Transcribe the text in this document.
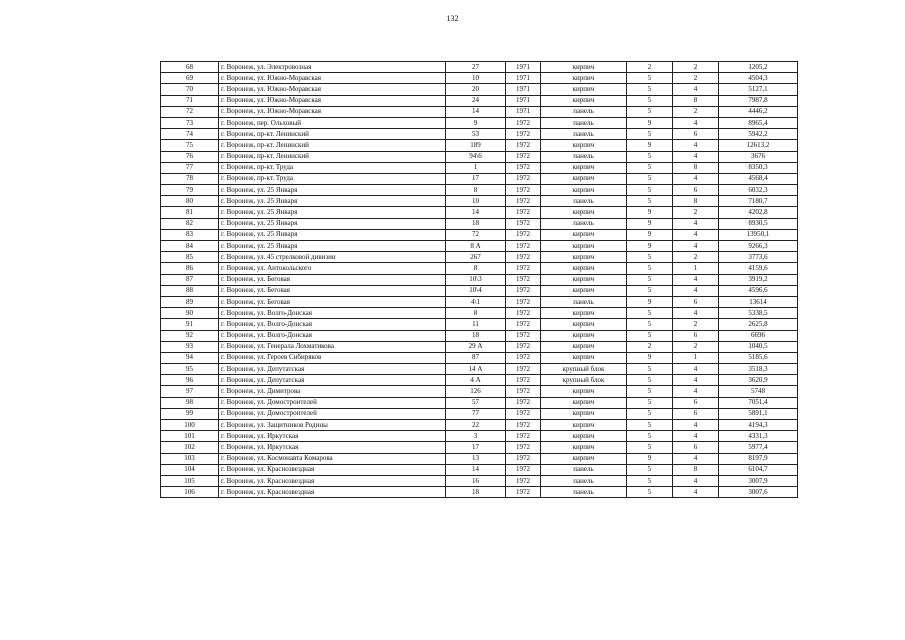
132
68	г. Воронеж, ул. Электровозная	27	1971	кирпич	2	2	1205,2
69	г. Воронеж, ул. Южно-Моравская	10	1971	кирпич	5	2	4504,3
70	г. Воронеж, ул. Южно-Моравская	20	1971	кирпич	5	4	5127,1
71	г. Воронеж, ул. Южно-Моравская	24	1971	кирпич	5	8	7987,8
72	г. Воронеж, ул. Южно-Моравская	14	1971	панель	5	2	4446,2
73	г. Воронеж, пер. Ольховый	9	1972	панель	9	4	8965,4
74	г. Воронеж, пр-кт. Ленинский	53	1972	панель	5	6	5942,2
75	г. Воронеж, пр-кт. Ленинский	189	1972	кирпич	9	4	12613,2
76	г. Воронеж, пр-кт. Ленинский	94\6	1972	панель	5	4	3676
77	г. Воронеж, пр-кт. Труда	1	1972	кирпич	5	8	8350,3
78	г. Воронеж, пр-кт. Труда	17	1972	кирпич	5	4	4568,4
79	г. Воронеж, ул. 25 Января	8	1972	кирпич	5	6	6032,3
80	г. Воронеж, ул. 25 Января	10	1972	панель	5	8	7180,7
81	г. Воронеж, ул. 25 Января	14	1972	кирпич	9	2	4202,8
82	г. Воронеж, ул. 25 Января	18	1972	панель	9	4	8930,5
83	г. Воронеж, ул. 25 Января	72	1972	кирпич	9	4	13950,1
84	г. Воронеж, ул. 25 Января	8 А	1972	кирпич	9	4	9266,3
85	г. Воронеж, ул. 45 стрелковой дивизии	267	1972	кирпич	5	2	3773,6
86	г. Воронеж, ул. Антокольского	8	1972	кирпич	5	1	4159,6
87	г. Воронеж, ул. Беговая	10\3	1972	кирпич	5	4	3919,2
88	г. Воронеж, ул. Беговая	10\4	1972	кирпич	5	4	4596,6
89	г. Воронеж, ул. Беговая	4\1	1972	панель	9	6	13614
90	г. Воронеж, ул. Волго-Донская	8	1972	кирпич	5	4	5338,5
91	г. Воронеж, ул. Волго-Донская	11	1972	кирпич	5	2	2625,8
92	г. Воронеж, ул. Волго-Донская	18	1972	кирпич	5	6	6696
93	г. Воронеж, ул. Генерала Лохматикова	29 А	1972	кирпич	2	2	1040,5
94	г. Воронеж, ул. Героев Сибиряков	87	1972	кирпич	9	1	5185,6
95	г. Воронеж, ул. Депутатская	14 А	1972	крупный блок	5	4	3518,3
96	г. Воронеж, ул. Депутатская	4 А	1972	крупный блок	5	4	3620,9
97	г. Воронеж, ул. Димитрова	126	1972	кирпич	5	4	5748
98	г. Воронеж, ул. Домостроителей	57	1972	кирпич	5	6	7051,4
99	г. Воронеж, ул. Домостроителей	77	1972	кирпич	5	6	5891,1
100	г. Воронеж, ул. Защитников Родины	22	1972	кирпич	5	4	4194,3
101	г. Воронеж, ул. Иркутская	3	1972	кирпич	5	4	4331,3
102	г. Воронеж, ул. Иркутская	17	1972	кирпич	5	6	5977,4
103	г. Воронеж, ул. Космонавта Комарова	13	1972	кирпич	9	4	8197,9
104	г. Воронеж, ул. Краснозвездная	14	1972	панель	5	8	6104,7
105	г. Воронеж, ул. Краснозвездная	16	1972	панель	5	4	3007,9
106	г. Воронеж, ул. Краснозвездная	18	1972	панель	5	4	3007,6
